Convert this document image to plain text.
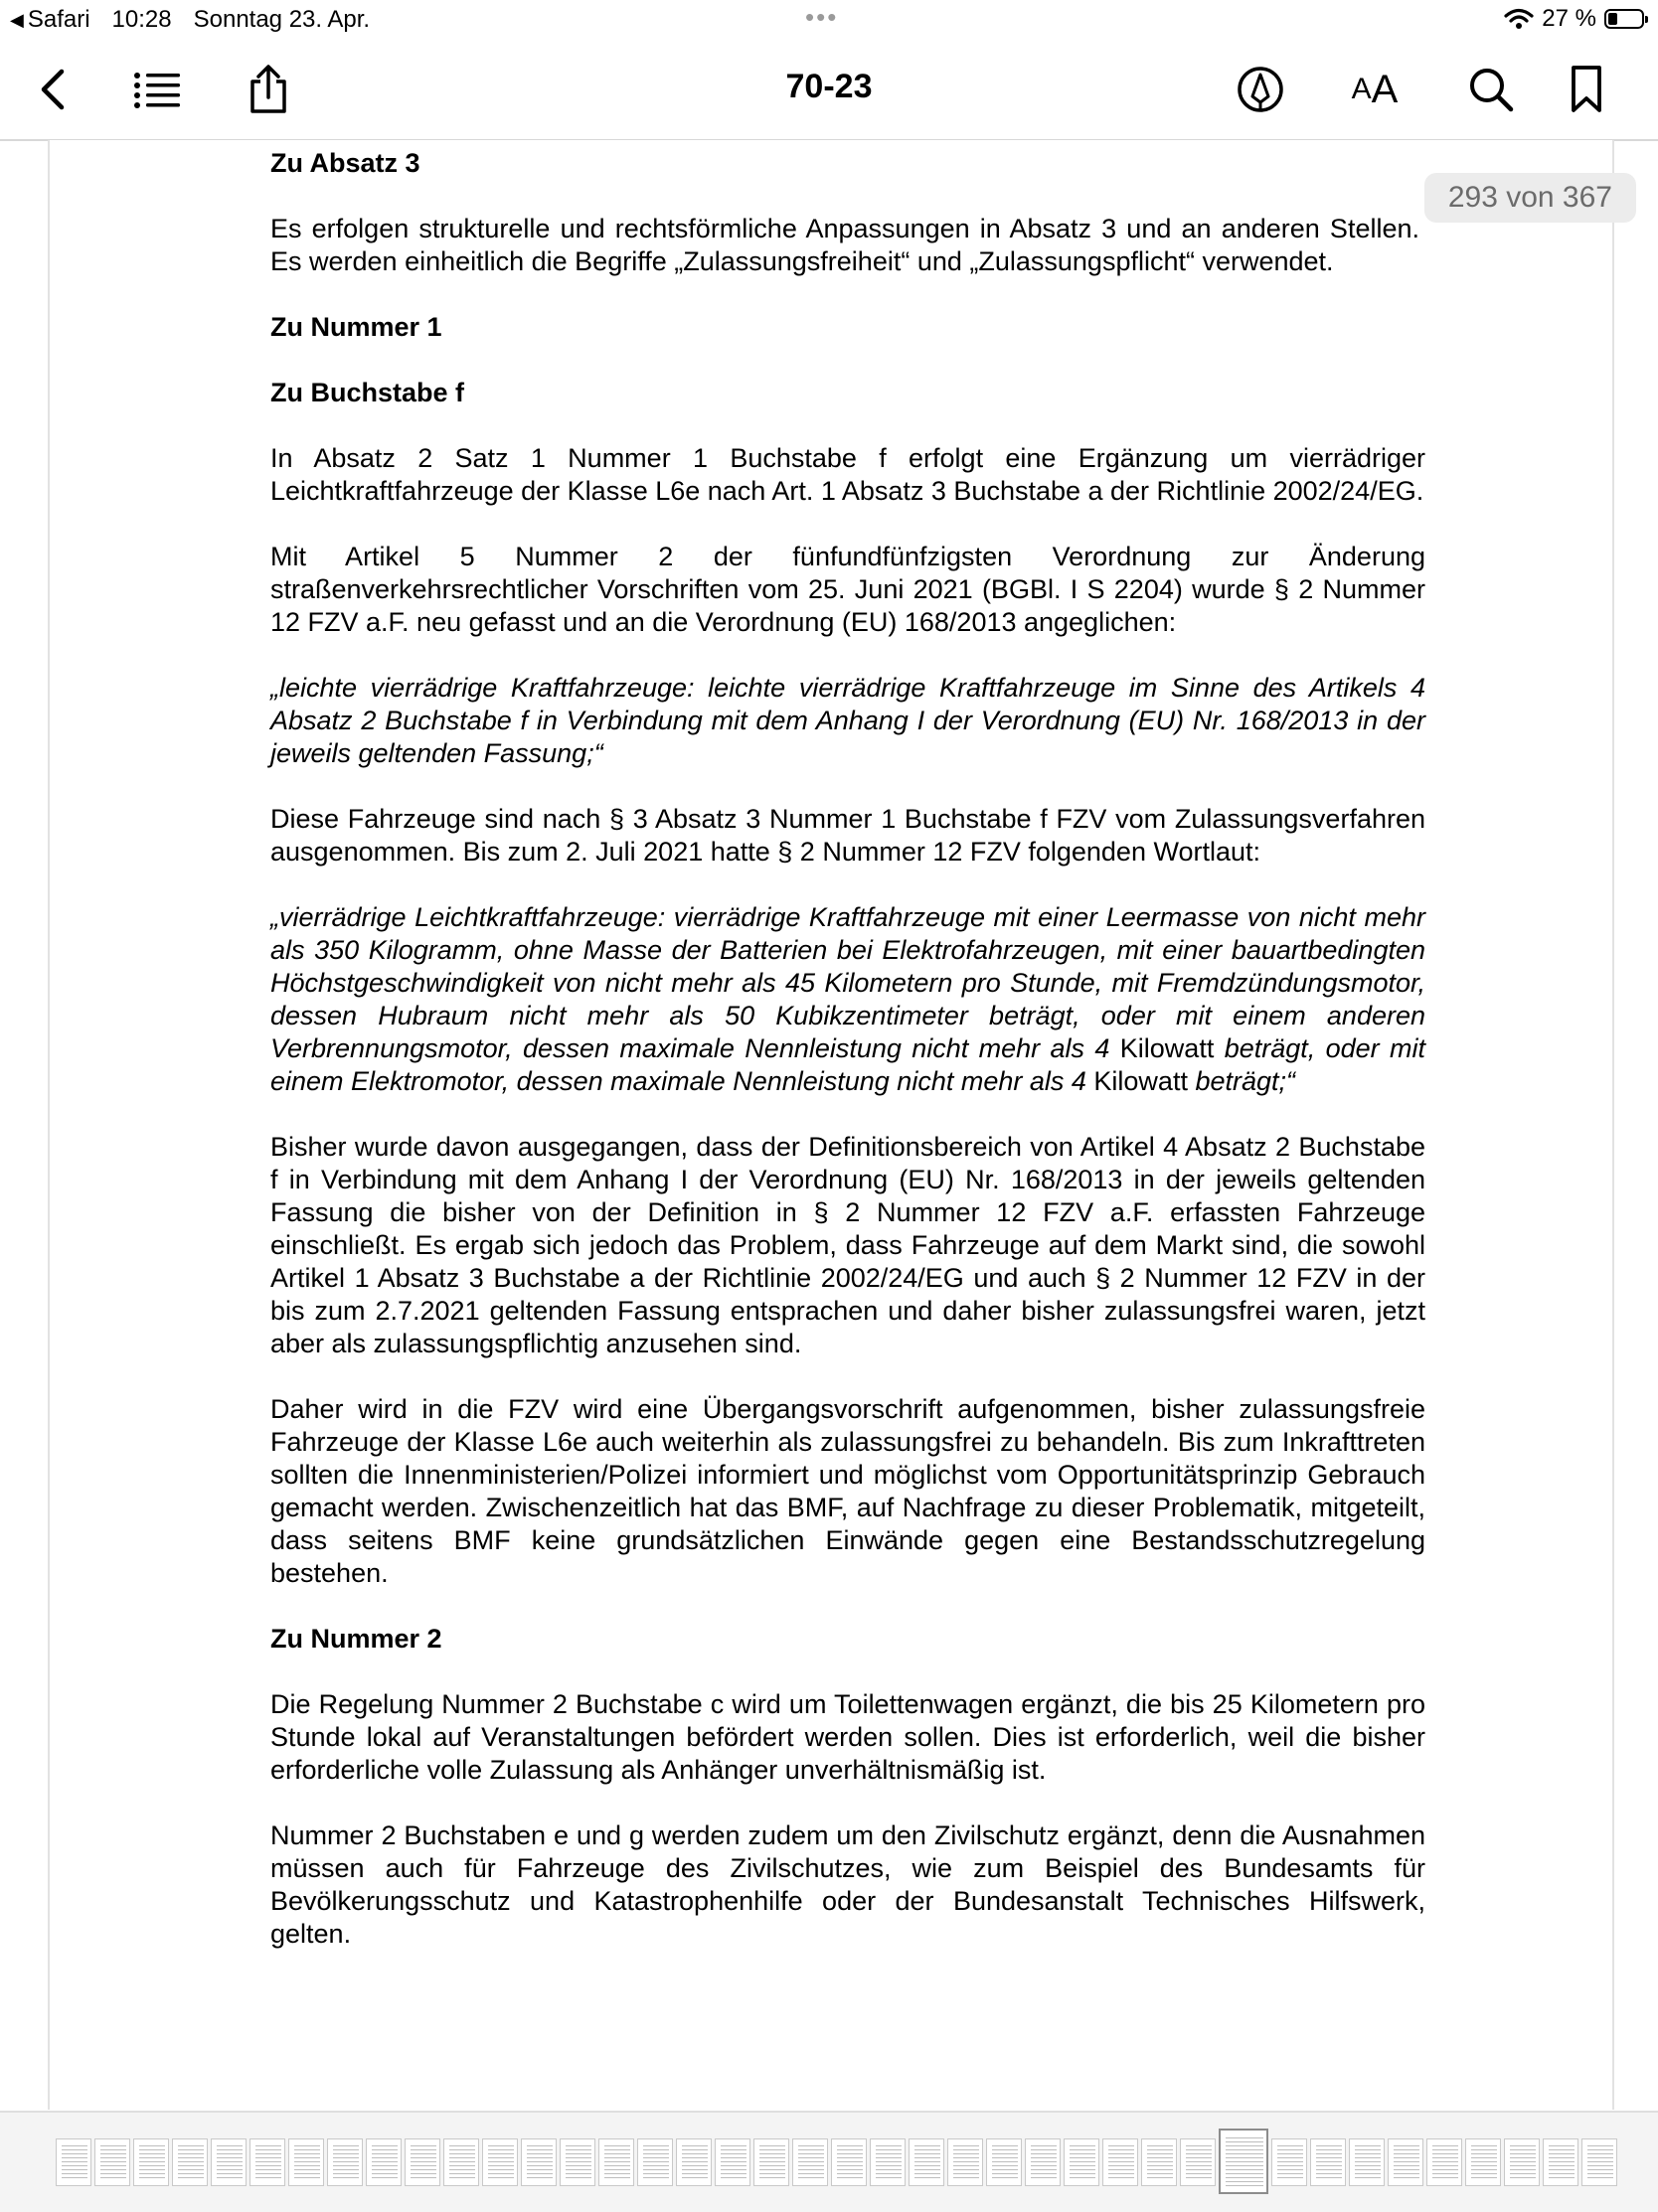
◀ Safari 10:28 Sonntag 23. Apr.	•••	27 %
70-23	A A
293 von 367
Zu Absatz 3

Es erfolgen strukturelle und rechtsförmliche Anpassungen in Absatz 3 und an anderen Stellen. Es werden einheitlich die Begriffe „Zulassungsfreiheit“ und „Zulassungspflicht“ verwendet.

Zu Nummer 1
Zu Buchstabe f

In Absatz 2 Satz 1 Nummer 1 Buchstabe f erfolgt eine Ergänzung um vierrädriger Leichtkraftfahrzeuge der Klasse L6e nach Art. 1 Absatz 3 Buchstabe a der Richtlinie 2002/24/EG.

Mit Artikel 5 Nummer 2 der fünfundfünfzigsten Verordnung zur Änderung straßenverkehrsrechtlicher Vorschriften vom 25. Juni 2021 (BGBl. I S 2204) wurde § 2 Nummer 12 FZV a.F. neu gefasst und an die Verordnung (EU) 168/2013 angeglichen:

„leichte vierrädrige Kraftfahrzeuge: leichte vierrädrige Kraftfahrzeuge im Sinne des Artikels 4 Absatz 2 Buchstabe f in Verbindung mit dem Anhang I der Verordnung (EU) Nr. 168/2013 in der jeweils geltenden Fassung;“

Diese Fahrzeuge sind nach § 3 Absatz 3 Nummer 1 Buchstabe f FZV vom Zulassungsverfahren ausgenommen. Bis zum 2. Juli 2021 hatte § 2 Nummer 12 FZV folgenden Wortlaut:

„vierrädrige Leichtkraftfahrzeuge: vierrädrige Kraftfahrzeuge mit einer Leermasse von nicht mehr als 350 Kilogramm, ohne Masse der Batterien bei Elektrofahrzeugen, mit einer bauartbedingten Höchstgeschwindigkeit von nicht mehr als 45 Kilometern pro Stunde, mit Fremdzündungsmotor, dessen Hubraum nicht mehr als 50 Kubikzentimeter beträgt, oder mit einem anderen Verbrennungsmotor, dessen maximale Nennleistung nicht mehr als 4 Kilowatt beträgt, oder mit einem Elektromotor, dessen maximale Nennleistung nicht mehr als 4 Kilowatt beträgt;“

Bisher wurde davon ausgegangen, dass der Definitionsbereich von Artikel 4 Absatz 2 Buchstabe f in Verbindung mit dem Anhang I der Verordnung (EU) Nr. 168/2013 in der jeweils geltenden Fassung die bisher von der Definition in § 2 Nummer 12 FZV a.F. erfassten Fahrzeuge einschließt. Es ergab sich jedoch das Problem, dass Fahrzeuge auf dem Markt sind, die sowohl Artikel 1 Absatz 3 Buchstabe a der Richtlinie 2002/24/EG und auch § 2 Nummer 12 FZV in der bis zum 2.7.2021 geltenden Fassung entsprachen und daher bisher zulassungsfrei waren, jetzt aber als zulassungspflichtig anzusehen sind.

Daher wird in die FZV wird eine Übergangsvorschrift aufgenommen, bisher zulassungsfreie Fahrzeuge der Klasse L6e auch weiterhin als zulassungsfrei zu behandeln. Bis zum Inkrafttreten sollten die Innenministerien/Polizei informiert und möglichst vom Opportunitätsprinzip Gebrauch gemacht werden. Zwischenzeitlich hat das BMF, auf Nachfrage zu dieser Problematik, mitgeteilt, dass seitens BMF keine grundsätzlichen Einwände gegen eine Bestandsschutzregelung bestehen.

Zu Nummer 2

Die Regelung Nummer 2 Buchstabe c wird um Toilettenwagen ergänzt, die bis 25 Kilometern pro Stunde lokal auf Veranstaltungen befördert werden sollen. Dies ist erforderlich, weil die bisher erforderliche volle Zulassung als Anhänger unverhältnismäßig ist.

Nummer 2 Buchstaben e und g werden zudem um den Zivilschutz ergänzt, denn die Ausnahmen müssen auch für Fahrzeuge des Zivilschutzes, wie zum Beispiel des Bundesamts für Bevölkerungsschutz und Katastrophenhilfe oder der Bundesanstalt Technisches Hilfswerk, gelten.
